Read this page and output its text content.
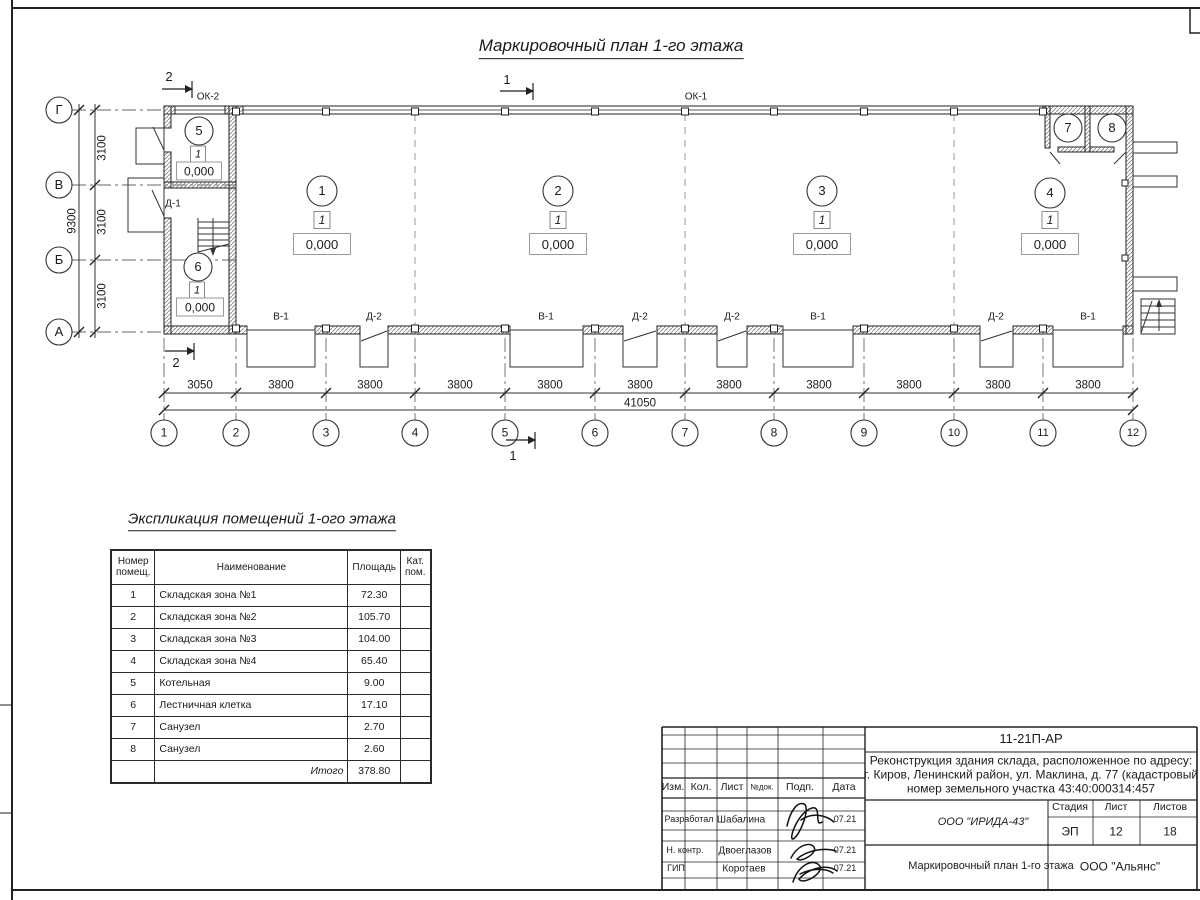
Маркировочный план 1-го этажа
1
2
1
2
ОК-2	ОК-1
Д-1
В-1	Д-2	В-1	Д-2	Д-2	В-1	Д-2	В-1
1	2	3	4
5
6
7	8
1	1	1	1
1
1
0,000	0,000	0,000	0,000
0,000
0,000
1	2	3	4	5	6	7	8	9	10	11	12
Г
В
Б
А
3050	3800	3800	3800	3800	3800	3800	3800	3800	3800	3800
41050
3100
3100
3100
9300
Экспликация помещений 1-ого этажа
Номер помещ.	Наименование	Площадь	Кат. пом.
1	Складская зона №1	72.30	
2	Складская зона №2	105.70	
3	Складская зона №3	104.00	
4	Складская зона №4	65.40	
5	Котельная	9.00	
6	Лестничная клетка	17.10	
7	Санузел	2.70	
8	Санузел	2.60	
	Итого	378.80	
11-21П-АР
Реконструкция здания склада, расположенное по адресу:
г. Киров, Ленинский район, ул. Маклина, д. 77 (кадастровый
номер земельного участка 43:40:000314:457
Изм. Кол. Лист №док. Подп. Дата
Разработал Шабалина	07.21
Н. контр. Двоеглазов	07.21
ГИП	Коротаев	07.21
ООО "ИРИДА-43"
Стадия Лист Листов
ЭП	12	18
Маркировочный план 1-го этажа ООО "Альянс"
